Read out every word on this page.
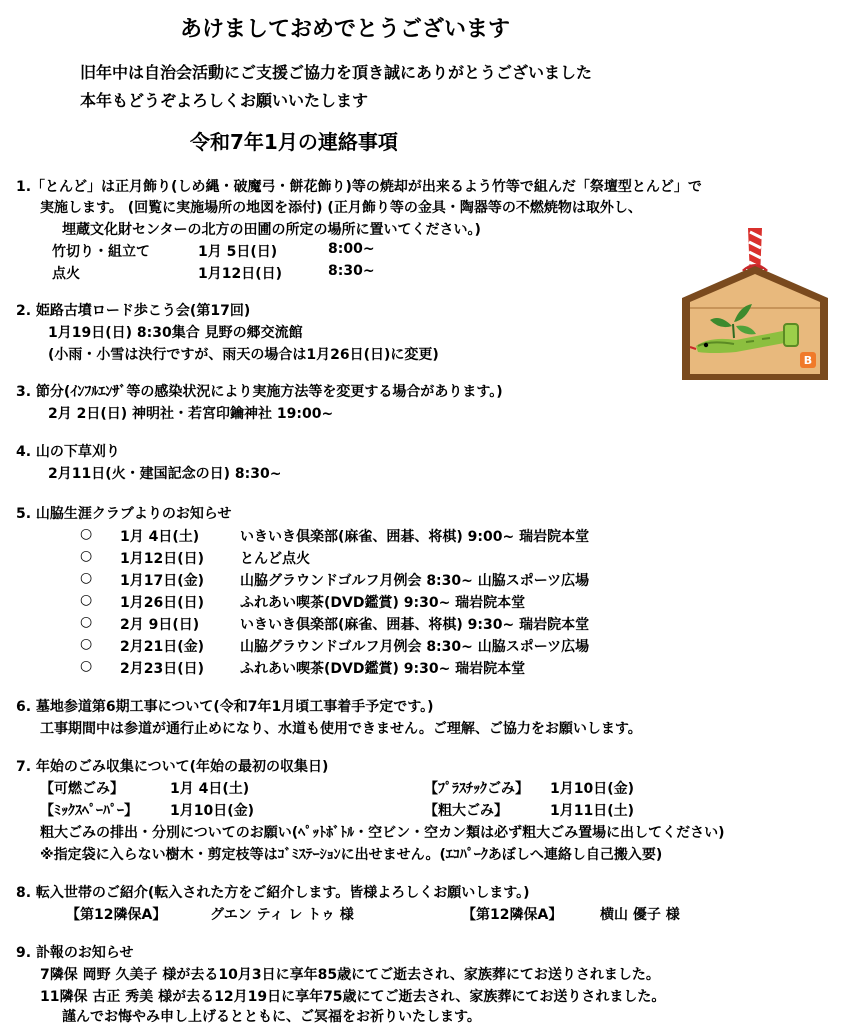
あけましておめでとうございます
旧年中は自治会活動にご支援ご協力を頂き誠にありがとうございました
本年もどうぞよろしくお願いいたします
令和7年1月の連絡事項
1.「とんど」は正月飾り(しめ縄・破魔弓・餅花飾り)等の焼却が出来るよう竹等で組んだ「祭壇型とんど」で
実施します。 (回覧に実施場所の地図を添付) (正月飾り等の金具・陶器等の不燃焼物は取外し、
埋蔵文化財センターの北方の田圃の所定の場所に置いてください。)
竹切り・組立て	1月 5日(日)	8:00~
点火	1月12日(日)	8:30~
2. 姫路古墳ロード歩こう会(第17回)
1月19日(日) 8:30集合 見野の郷交流館
(小雨・小雪は決行ですが、雨天の場合は1月26日(日)に変更)
3. 節分(ｲﾝﾌﾙｴﾝｻﾞ等の感染状況により実施方法等を変更する場合があります。)
2月 2日(日) 神明社・若宮印鑰神社 19:00~
4. 山の下草刈り
2月11日(火・建国記念の日) 8:30~
5. 山脇生涯クラブよりのお知らせ
○ 1月 4日(土)	いきいき倶楽部(麻雀、囲碁、将棋) 9:00~ 瑞岩院本堂
○ 1月12日(日)	とんど点火
○ 1月17日(金)	山脇グラウンドゴルフ月例会 8:30~ 山脇スポーツ広場
○ 1月26日(日)	ふれあい喫茶(DVD鑑賞) 9:30~ 瑞岩院本堂
○ 2月 9日(日)	いきいき倶楽部(麻雀、囲碁、将棋) 9:30~ 瑞岩院本堂
○ 2月21日(金)	山脇グラウンドゴルフ月例会 8:30~ 山脇スポーツ広場
○ 2月23日(日)	ふれあい喫茶(DVD鑑賞) 9:30~ 瑞岩院本堂
6. 墓地参道第6期工事について(令和7年1月頃工事着手予定です。)
工事期間中は参道が通行止めになり、水道も使用できません。ご理解、ご協力をお願いします。
7. 年始のごみ収集について(年始の最初の収集日)
【可燃ごみ】	1月 4日(土)	【ﾌﾟﾗｽﾁｯｸごみ】 1月10日(金)
【ﾐｯｸｽﾍﾟｰﾊﾟｰ】 1月10日(金)	【粗大ごみ】	1月11日(土)
粗大ごみの排出・分別についてのお願い(ﾍﾟｯﾄﾎﾞﾄﾙ・空ビン・空カン類は必ず粗大ごみ置場に出してください)
※指定袋に入らない樹木・剪定枝等はｺﾞﾐｽﾃｰｼｮﾝに出せません。(ｴｺﾊﾟｰｸあぼしへ連絡し自己搬入要)
8. 転入世帯のご紹介(転入された方をご紹介します。皆様よろしくお願いします。)
【第12隣保A】	グエン ティ レ トゥ 様	【第12隣保A】	横山 優子 様
9. 訃報のお知らせ
7隣保 岡野 久美子 様が去る10月3日に享年85歳にてご逝去され、家族葬にてお送りされました。
11隣保 古正 秀美 様が去る12月19日に享年75歳にてご逝去され、家族葬にてお送りされました。
謹んでお悔やみ申し上げるとともに、ご冥福をお祈りいたします。
B
